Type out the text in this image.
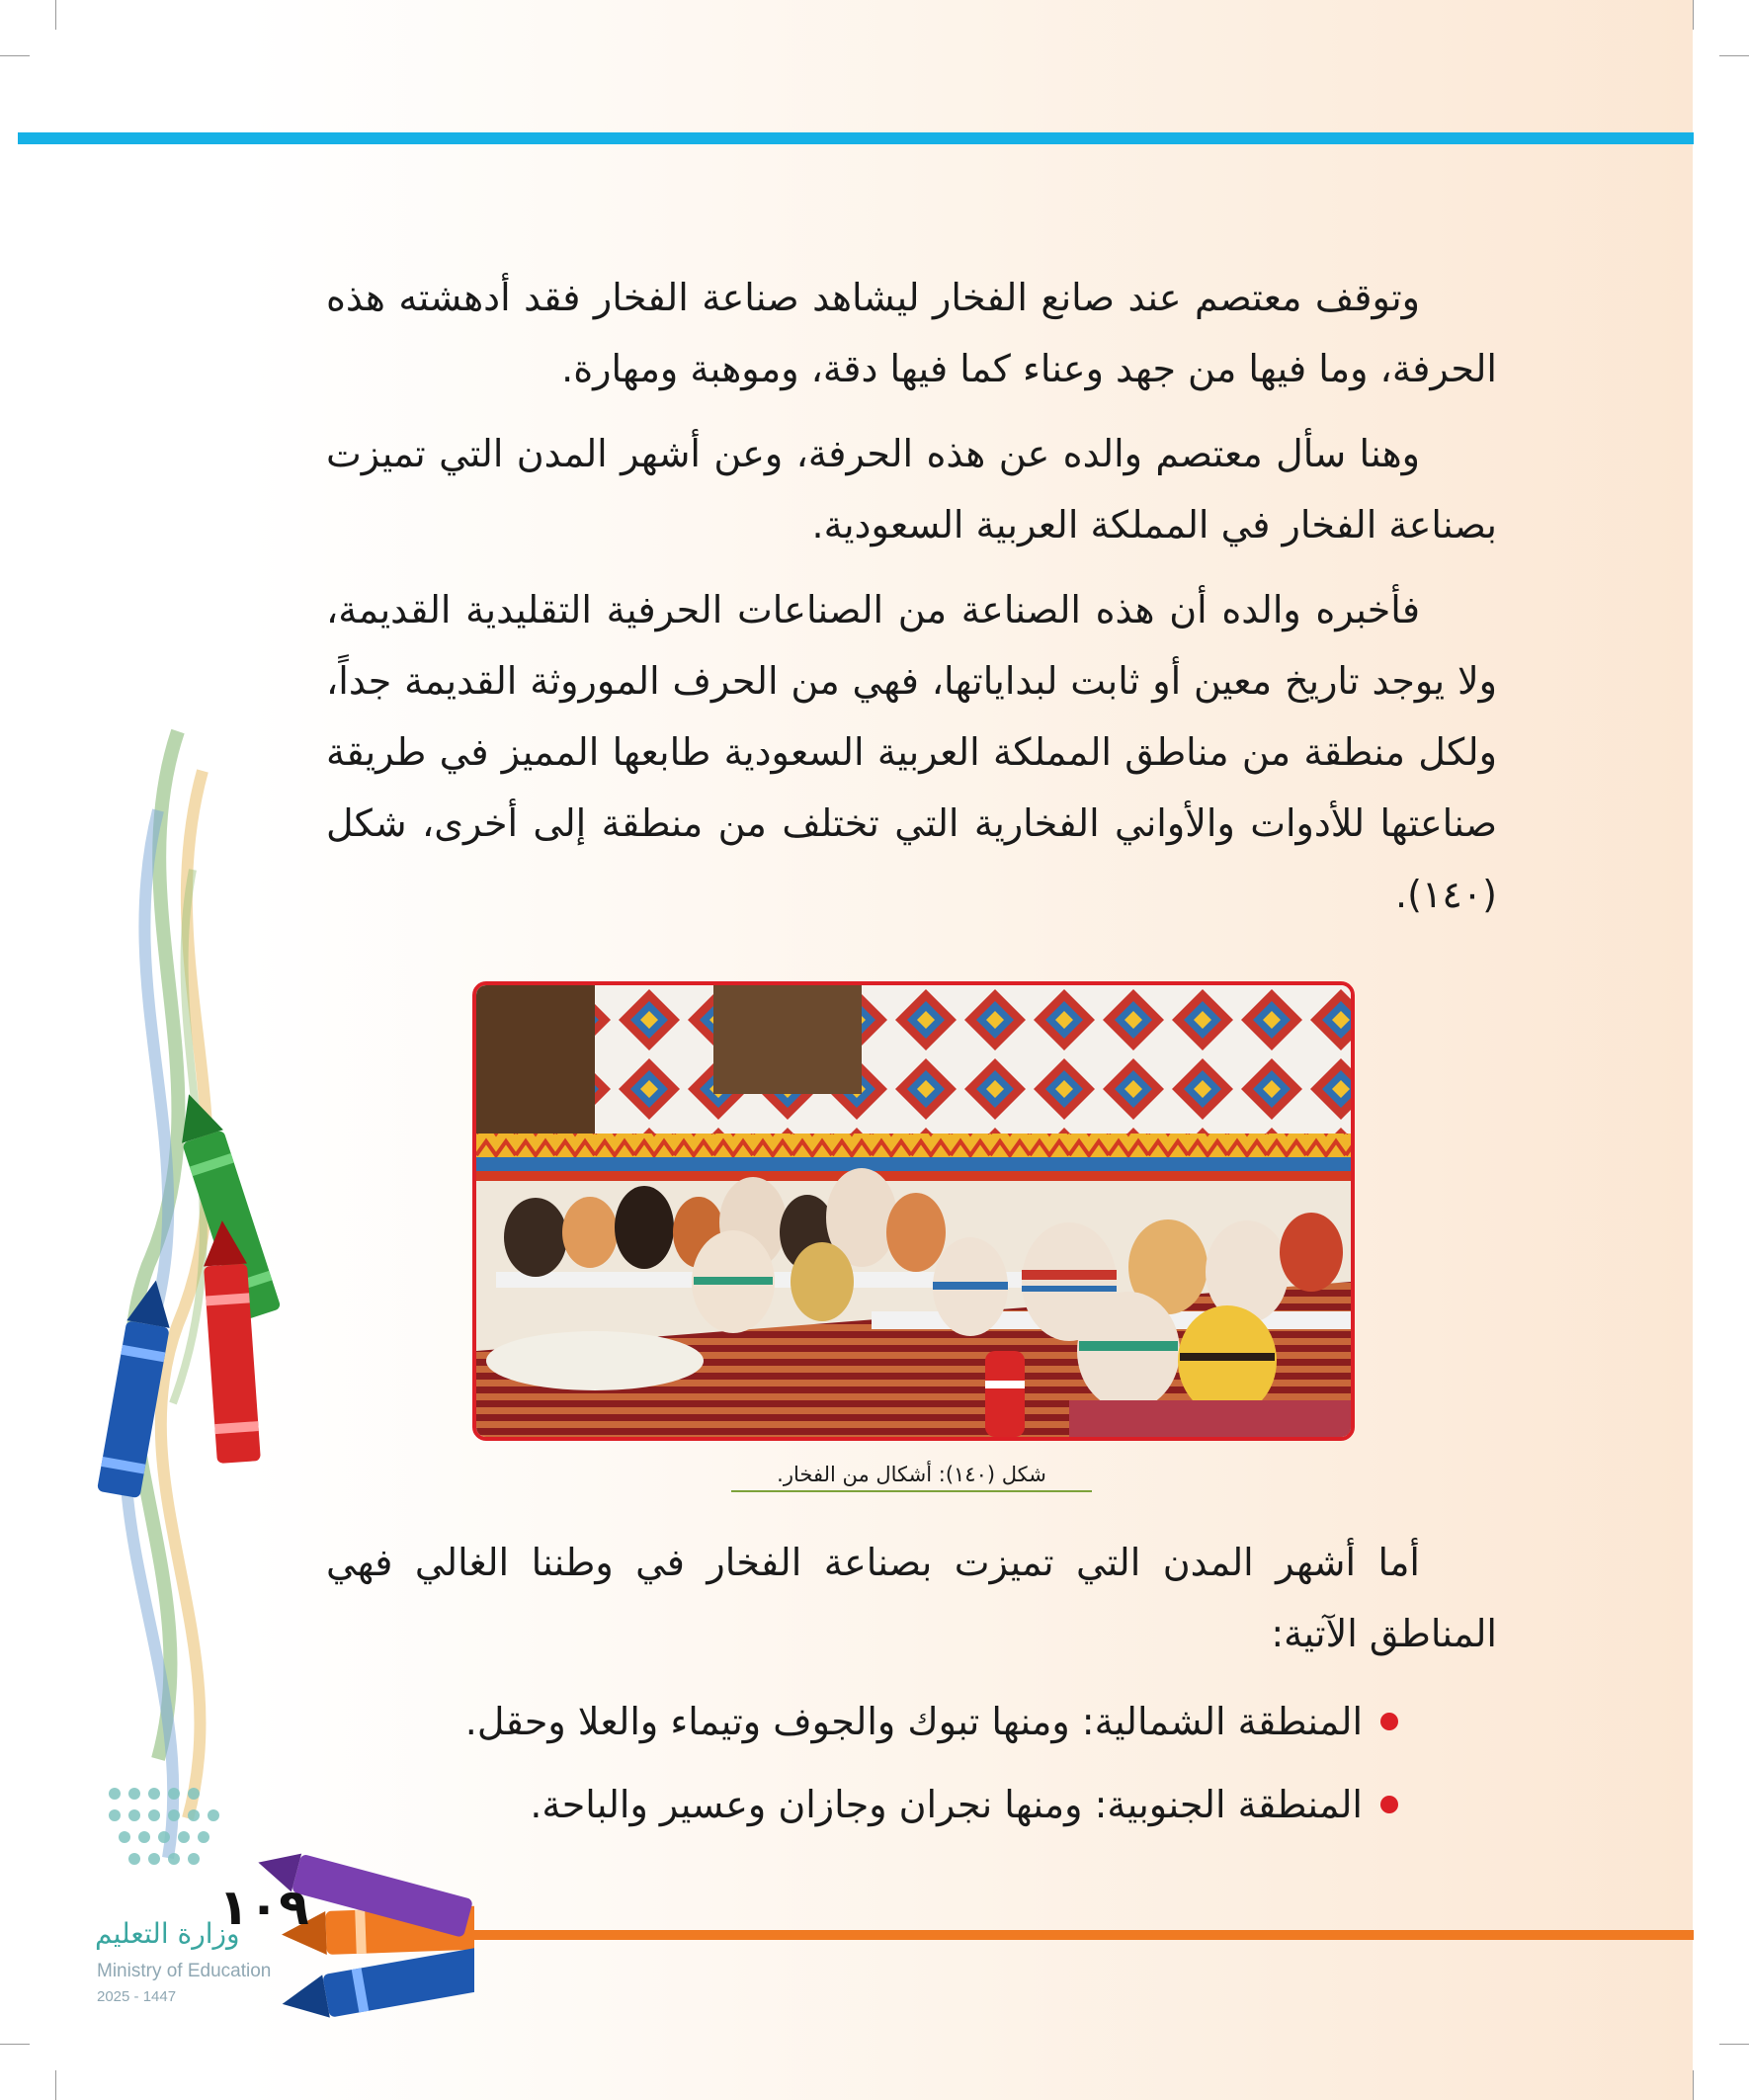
وزارة التعليم
Ministry of Education
2025 - 1447
١٠٩

وتوقف معتصم عند صانع الفخار ليشاهد صناعة الفخار فقد أدهشته هذه الحرفة، وما فيها من جهد وعناء كما فيها دقة، وموهبة ومهارة.

وهنا سأل معتصم والده عن هذه الحرفة، وعن أشهر المدن التي تميزت بصناعة الفخار في المملكة العربية السعودية.

فأخبره والده أن هذه الصناعة من الصناعات الحرفية التقليدية القديمة، ولا يوجد تاريخ معين أو ثابت لبداياتها، فهي من الحرف الموروثة القديمة جداً، ولكل منطقة من مناطق المملكة العربية السعودية طابعها المميز في طريقة صناعتها للأدوات والأواني الفخارية التي تختلف من منطقة إلى أخرى، شكل (١٤٠).

شكل (١٤٠): أشكال من الفخار.

أما أشهر المدن التي تميزت بصناعة الفخار في وطننا الغالي فهي المناطق الآتية:

المنطقة الشمالية: ومنها تبوك والجوف وتيماء والعلا وحقل.
المنطقة الجنوبية: ومنها نجران وجازان وعسير والباحة.
